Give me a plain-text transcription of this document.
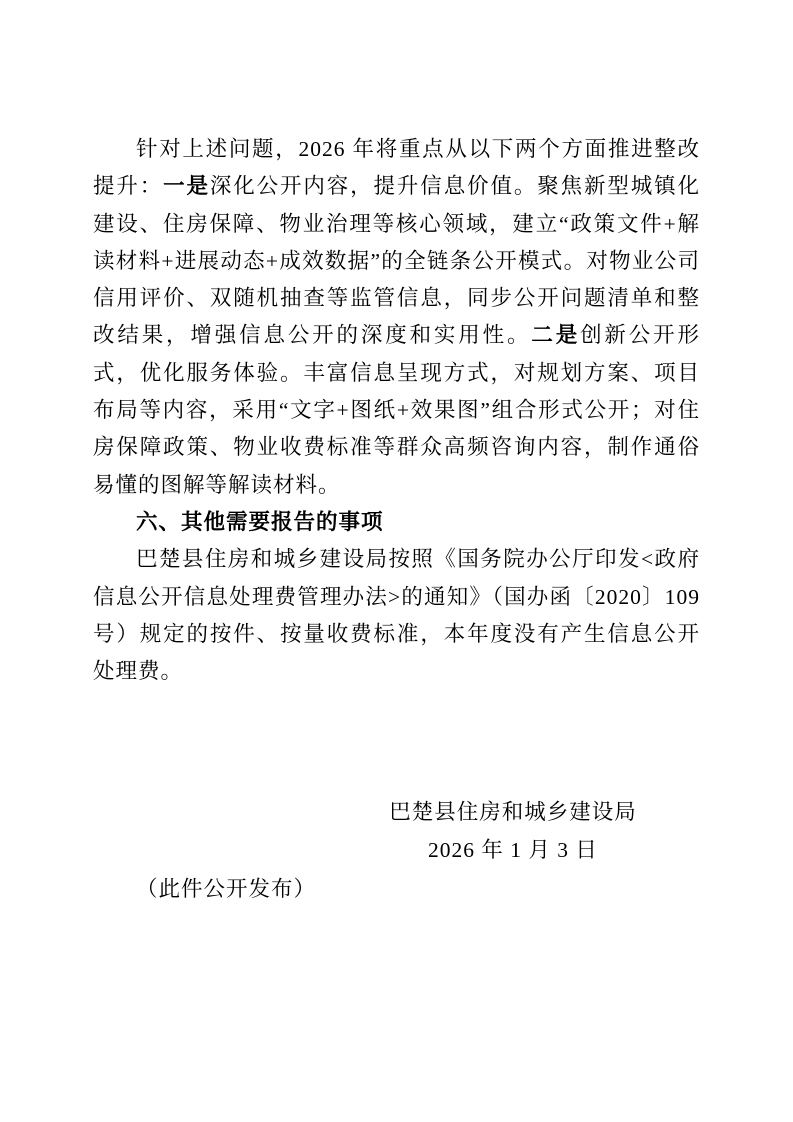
针对上述问题，2026 年将重点从以下两个方面推进整改提升：一是深化公开内容，提升信息价值。聚焦新型城镇化建设、住房保障、物业治理等核心领域，建立“政策文件+解读材料+进展动态+成效数据”的全链条公开模式。对物业公司信用评价、双随机抽查等监管信息，同步公开问题清单和整改结果，增强信息公开的深度和实用性。二是创新公开形式，优化服务体验。丰富信息呈现方式，对规划方案、项目布局等内容，采用“文字+图纸+效果图”组合形式公开；对住房保障政策、物业收费标准等群众高频咨询内容，制作通俗易懂的图解等解读材料。

六、其他需要报告的事项

巴楚县住房和城乡建设局按照《国务院办公厅印发<政府信息公开信息处理费管理办法>的通知》（国办函〔2020〕109 号）规定的按件、按量收费标准，本年度没有产生信息公开处理费。

巴楚县住房和城乡建设局
2026 年 1 月 3 日

（此件公开发布）
